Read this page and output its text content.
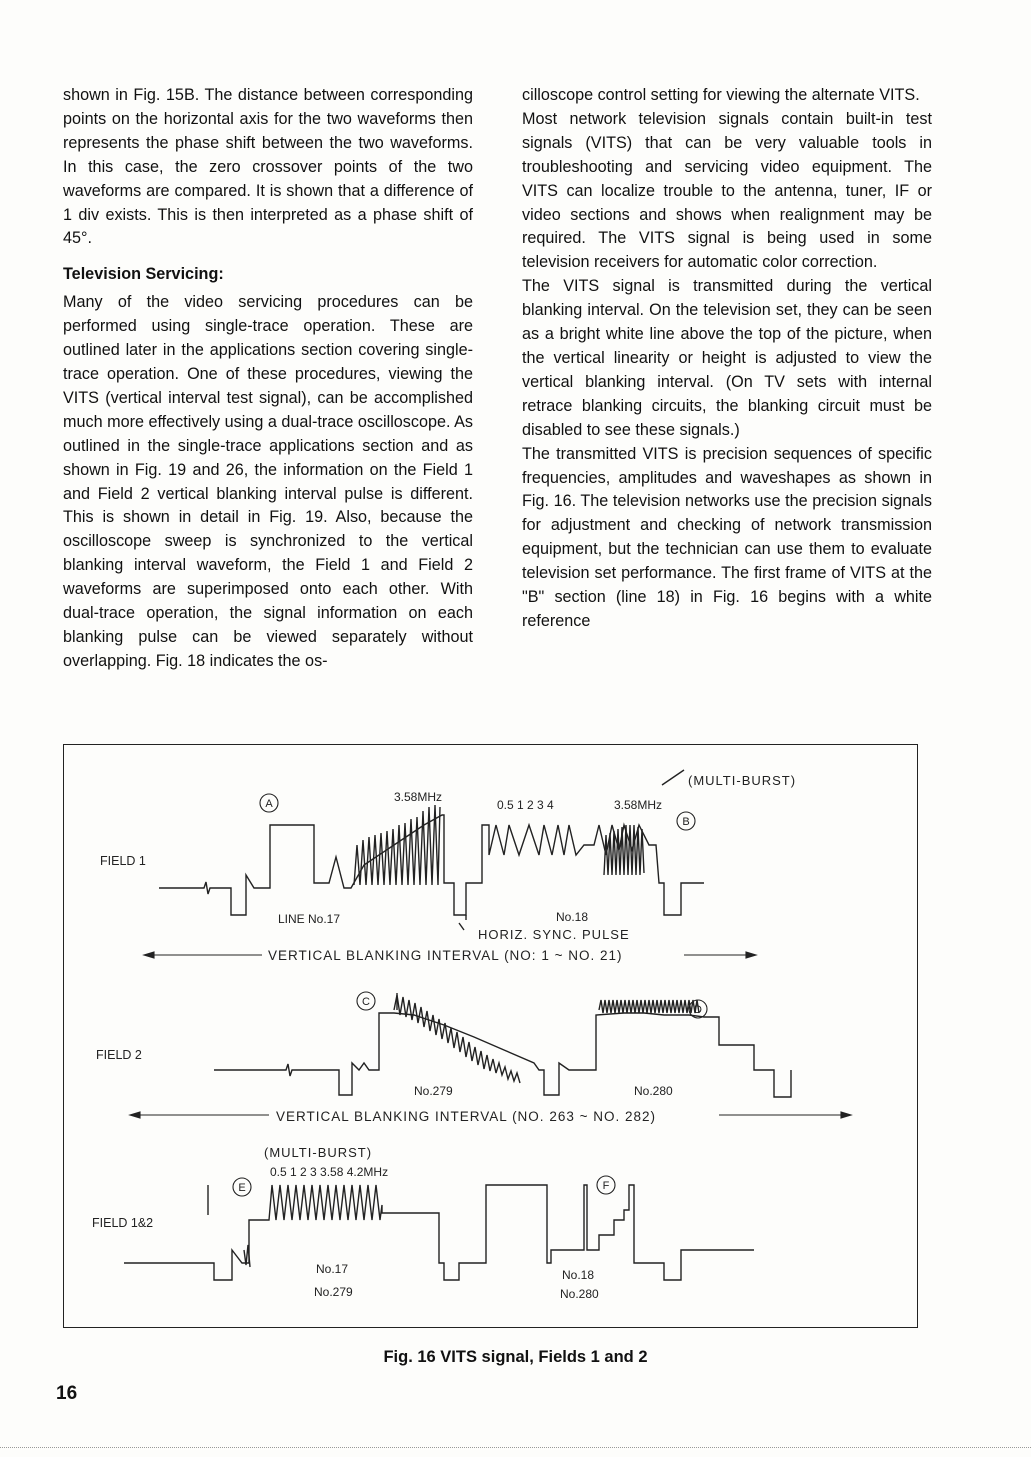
shown in Fig. 15B. The distance between corresponding points on the horizontal axis for the two waveforms then represents the phase shift between the two waveforms. In this case, the zero crossover points of the two waveforms are compared. It is shown that a difference of 1 div exists. This is then interpreted as a phase shift of 45°.

Television Servicing:

Many of the video servicing procedures can be performed using single-trace operation. These are outlined later in the applications section covering single-trace operation. One of these procedures, viewing the VITS (vertical interval test signal), can be accomplished much more effectively using a dual-trace oscilloscope. As outlined in the single-trace applications section and as shown in Fig. 19 and 26, the information on the Field 1 and Field 2 vertical blanking interval pulse is different. This is shown in detail in Fig. 19. Also, because the oscilloscope sweep is synchronized to the vertical blanking interval waveform, the Field 1 and Field 2 waveforms are superimposed onto each other. With dual-trace operation, the signal information on each blanking pulse can be viewed separately without overlapping. Fig. 18 indicates the os-

cilloscope control setting for viewing the alternate VITS.

Most network television signals contain built-in test signals (VITS) that can be very valuable tools in troubleshooting and servicing video equipment. The VITS can localize trouble to the antenna, tuner, IF or video sections and shows when realignment may be required. The VITS signal is being used in some television receivers for automatic color correction.

The VITS signal is transmitted during the vertical blanking interval. On the television set, they can be seen as a bright white line above the top of the picture, when the vertical linearity or height is adjusted to view the vertical blanking interval. (On TV sets with internal retrace blanking circuits, the blanking circuit must be disabled to see these signals.)

The transmitted VITS is precision sequences of specific frequencies, amplitudes and waveshapes as shown in Fig. 16. The television networks use the precision signals for adjustment and checking of network transmission equipment, but the technician can use them to evaluate television set performance. The first frame of VITS at the "B" section (line 18) in Fig. 16 begins with a white reference

A
B
C
D
E	F
FIELD 1
FIELD 2
FIELD 1&2
3.58MHz
0.5 1 2 3 4	3.58MHz
(MULTI-BURST)
LINE No.17	No.18
HORIZ. SYNC. PULSE
VERTICAL BLANKING INTERVAL (NO: 1 ~ NO. 21)
No.279	No.280
VERTICAL BLANKING INTERVAL (NO. 263 ~ NO. 282)
(MULTI-BURST)
0.5 1 2 3 3.58 4.2MHz
No.17
No.279
No.18
No.280
Fig. 16 VITS signal, Fields 1 and 2
16
